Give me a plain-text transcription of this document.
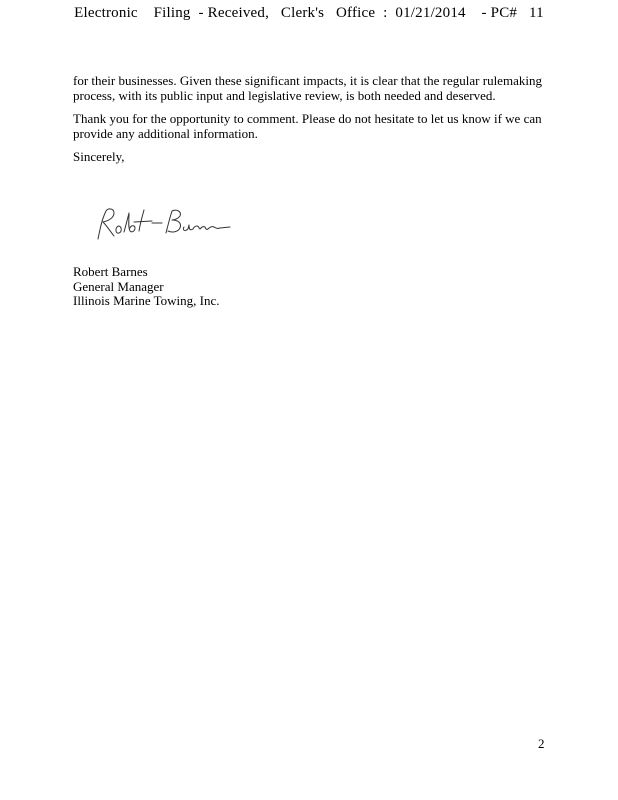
Electronic    Filing  - Received,   Clerk's   Office  :  01/21/2014    - PC#   11

for their businesses. Given these significant impacts, it is clear that the regular rulemaking process, with its public input and legislative review, is both needed and deserved.

Thank you for the opportunity to comment. Please do not hesitate to let us know if we can provide any additional information.

Sincerely,

Robert Barnes
General Manager
Illinois Marine Towing, Inc.
2
